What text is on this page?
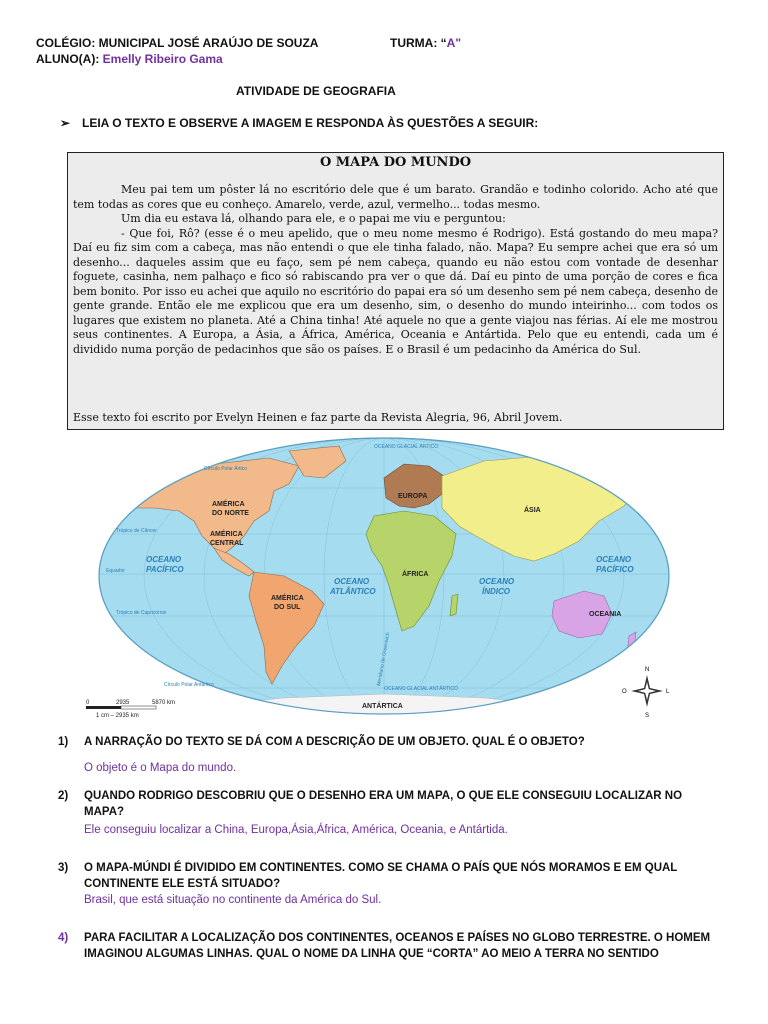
COLÉGIO: MUNICIPAL JOSÉ ARAÚJO DE SOUZA	TURMA: “A"
ALUNO(A): Emelly Ribeiro Gama
ATIVIDADE DE GEOGRAFIA
➢ LEIA O TEXTO E OBSERVE A IMAGEM E RESPONDA ÀS QUESTÕES A SEGUIR:
O MAPA DO MUNDO

Meu pai tem um pôster lá no escritório dele que é um barato. Grandão e todinho colorido. Acho até que tem todas as cores que eu conheço. Amarelo, verde, azul, vermelho... todas mesmo.

Um dia eu estava lá, olhando para ele, e o papai me viu e perguntou:

- Que foi, Rô? (esse é o meu apelido, que o meu nome mesmo é Rodrigo). Está gostando do meu mapa? Daí eu fiz sim com a cabeça, mas não entendi o que ele tinha falado, não. Mapa? Eu sempre achei que era só um desenho... daqueles assim que eu faço, sem pé nem cabeça, quando eu não estou com vontade de desenhar foguete, casinha, nem palhaço e fico só rabiscando pra ver o que dá. Daí eu pinto de uma porção de cores e fica bem bonito. Por isso eu achei que aquilo no escritório do papai era só um desenho sem pé nem cabeça, desenho de gente grande. Então ele me explicou que era um desenho, sim, o desenho do mundo inteirinho... com todos os lugares que existem no planeta. Até a China tinha! Até aquele no que a gente viajou nas férias. Aí ele me mostrou seus continentes. A Europa, a Ásia, a África, América, Oceania e Antártida. Pelo que eu entendi, cada um é dividido numa porção de pedacinhos que são os países. E o Brasil é um pedacinho da América do Sul.

Esse texto foi escrito por Evelyn Heinen e faz parte da Revista Alegria, 96, Abril Jovem.
AMÉRICA
DO NORTE
AMÉRICA
CENTRAL
AMÉRICA
DO SUL
EUROPA
ÁSIA
ÁFRICA
OCEANIA
ANTÁRTICA
OCEANO
PACÍFICO
OCEANO
PACÍFICO
OCEANO
ATLÂNTICO
OCEANO
ÍNDICO
OCEANO GLACIAL ÁRTICO
OCEANO GLACIAL ANTÁRTICO
Círculo Polar Ártico
Círculo Polar Antártico
Trópico de Câncer
Trópico de Capricórnio
Equador
Meridiano de Greenwich	N
S
L
O
0	2935	5870 km
1 cm – 2935 km
1) A NARRAÇÃO DO TEXTO SE DÁ COM A DESCRIÇÃO DE UM OBJETO. QUAL É O OBJETO?
O objeto é o Mapa do mundo.
2) QUANDO RODRIGO DESCOBRIU QUE O DESENHO ERA UM MAPA, O QUE ELE CONSEGUIU LOCALIZAR NO MAPA?
Ele conseguiu localizar a China, Europa,Ásia,África, América, Oceania, e Antártida.
3) O MAPA-MÚNDI É DIVIDIDO EM CONTINENTES. COMO SE CHAMA O PAÍS QUE NÓS MORAMOS E EM QUAL CONTINENTE ELE ESTÁ SITUADO?
Brasil, que está situação no continente da América do Sul.
4) PARA FACILITAR A LOCALIZAÇÃO DOS CONTINENTES, OCEANOS E PAÍSES NO GLOBO TERRESTRE. O HOMEM IMAGINOU ALGUMAS LINHAS. QUAL O NOME DA LINHA QUE “CORTA” AO MEIO A TERRA NO SENTIDO
